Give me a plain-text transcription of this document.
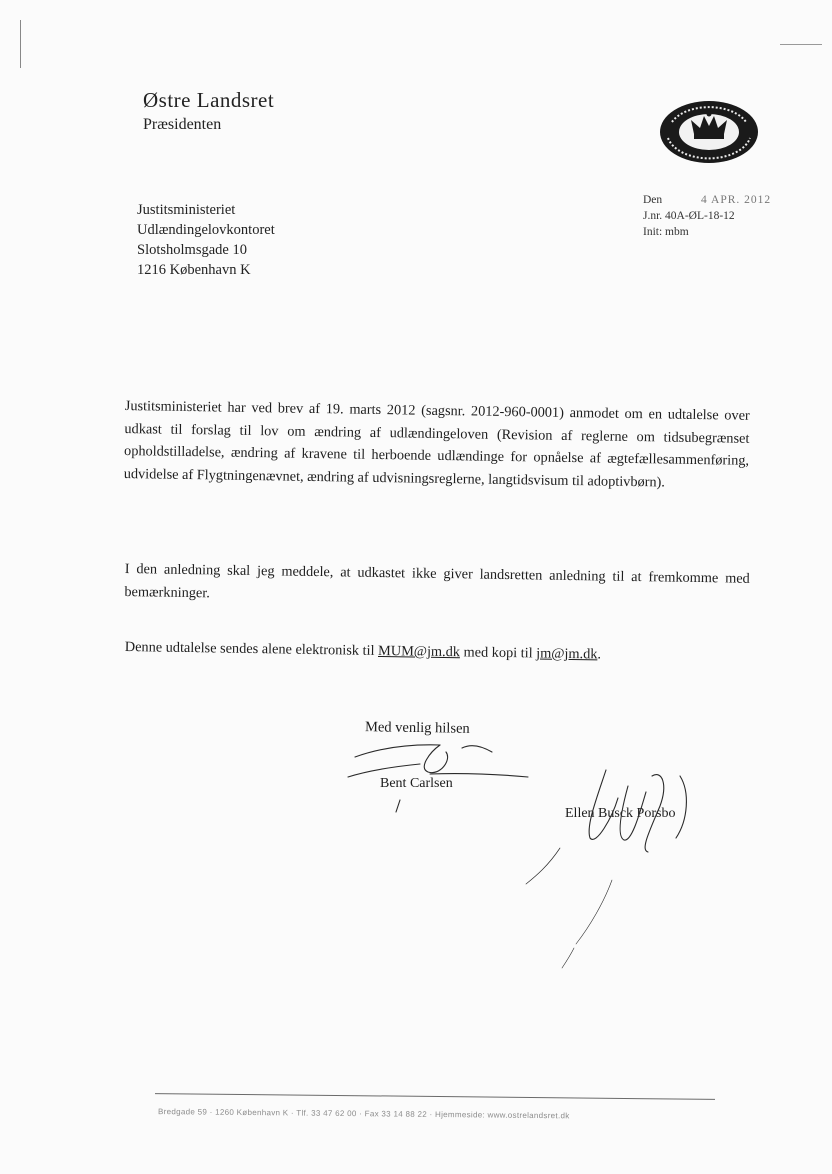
Østre Landsret
Præsidenten
Justitsministeriet
Udlændingelovkontoret
Slotsholmsgade 10
1216 København K
Den	4 APR. 2012
J.nr. 40A-ØL-18-12
Init: mbm
Justitsministeriet har ved brev af 19. marts 2012 (sagsnr. 2012-960-0001) anmodet om en udtalelse over udkast til forslag til lov om ændring af udlændingeloven (Revision af reglerne om tidsubegrænset opholdstilladelse, ændring af kravene til herboende udlændinge for opnåelse af ægtefællesammenføring, udvidelse af Flygtningenævnet, ændring af udvisningsreglerne, langtidsvisum til adoptivbørn).
I den anledning skal jeg meddele, at udkastet ikke giver landsretten anledning til at fremkomme med bemærkninger.
Denne udtalelse sendes alene elektronisk til MUM@jm.dk med kopi til jm@jm.dk.
Med venlig hilsen
Bent Carlsen
Ellen Busck Porsbo
Bredgade 59 · 1260 København K · Tlf. 33 47 62 00 · Fax 33 14 88 22 · Hjemmeside: www.ostrelandsret.dk
